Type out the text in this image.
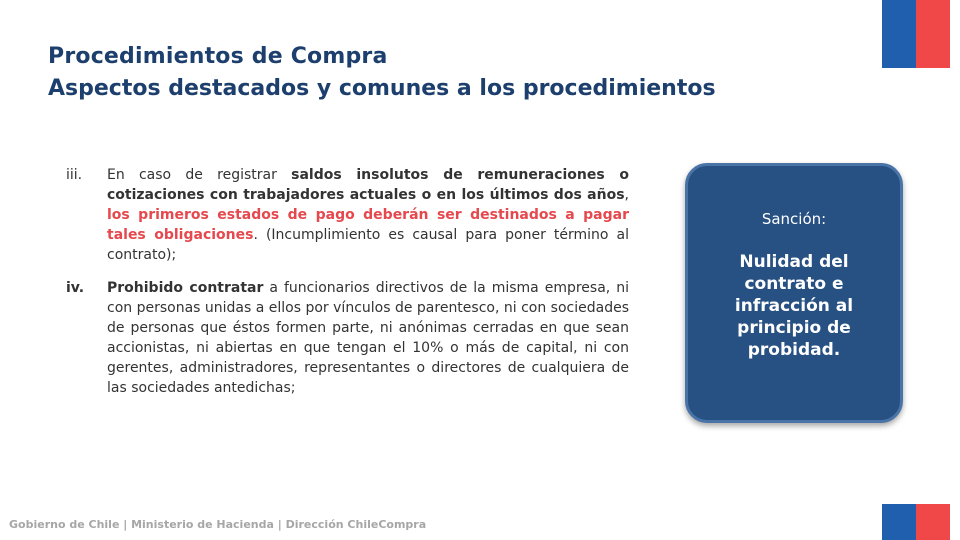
Procedimientos de Compra
Aspectos destacados y comunes a los procedimientos
iii.	En caso de registrar saldos insolutos de remuneraciones o cotizaciones con trabajadores actuales o en los últimos dos años, los primeros estados de pago deberán ser destinados a pagar tales obligaciones. (Incumplimiento es causal para poner término al contrato);
iv.	Prohibido contratar a funcionarios directivos de la misma empresa, ni con personas unidas a ellos por vínculos de parentesco, ni con sociedades de personas que éstos formen parte, ni anónimas cerradas en que sean accionistas, ni abiertas en que tengan el 10% o más de capital, ni con gerentes, administradores, representantes o directores de cualquiera de las sociedades antedichas;
Sanción:
Nulidad del contrato e infracción al principio de probidad.
Gobierno de Chile | Ministerio de Hacienda | Dirección ChileCompra
